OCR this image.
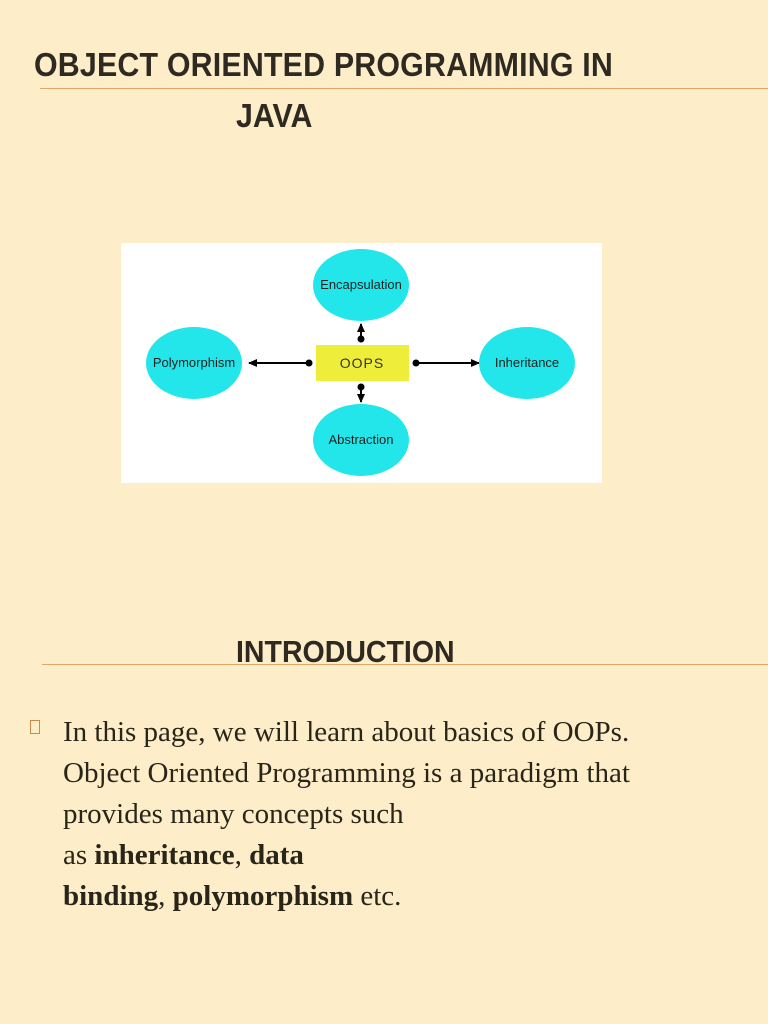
OBJECT ORIENTED PROGRAMMING IN
JAVA
Encapsulation
Polymorphism	Inheritance
Abstraction
OOPS
INTRODUCTION

In this page, we will learn about basics of OOPs.
Object Oriented Programming is a paradigm that
provides many concepts such
as inheritance, data
binding, polymorphism etc.
